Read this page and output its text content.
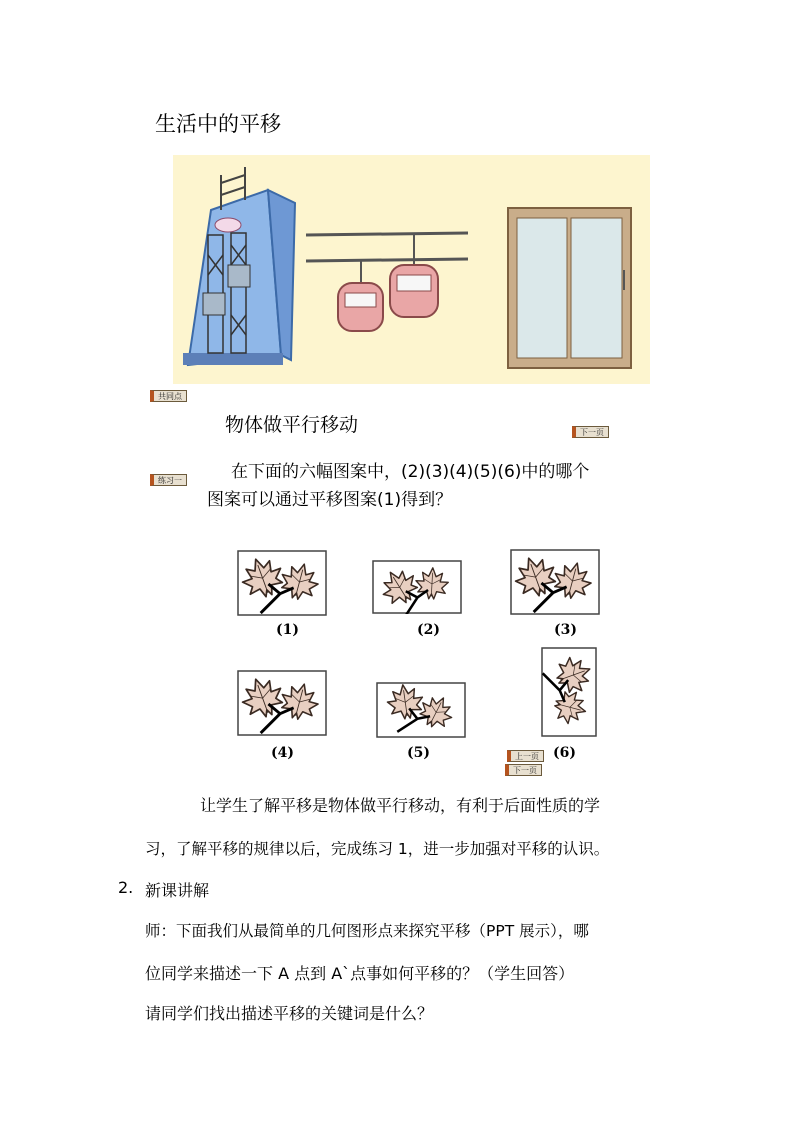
生活中的平移
共同点
下一页
练习一
上一页
下一页
物体做平行移动
在下面的六幅图案中，(2)(3)(4)(5)(6)中的哪个
图案可以通过平移图案(1)得到？
(1)	(2)	(3)
(4)	(5)	(6)
让学生了解平移是物体做平行移动，有利于后面性质的学
习，了解平移的规律以后，完成练习 1，进一步加强对平移的认识。
2. 新课讲解
师：下面我们从最简单的几何图形点来探究平移（PPT 展示），哪
位同学来描述一下 A 点到 A`点事如何平移的？（学生回答）
请同学们找出描述平移的关键词是什么？
